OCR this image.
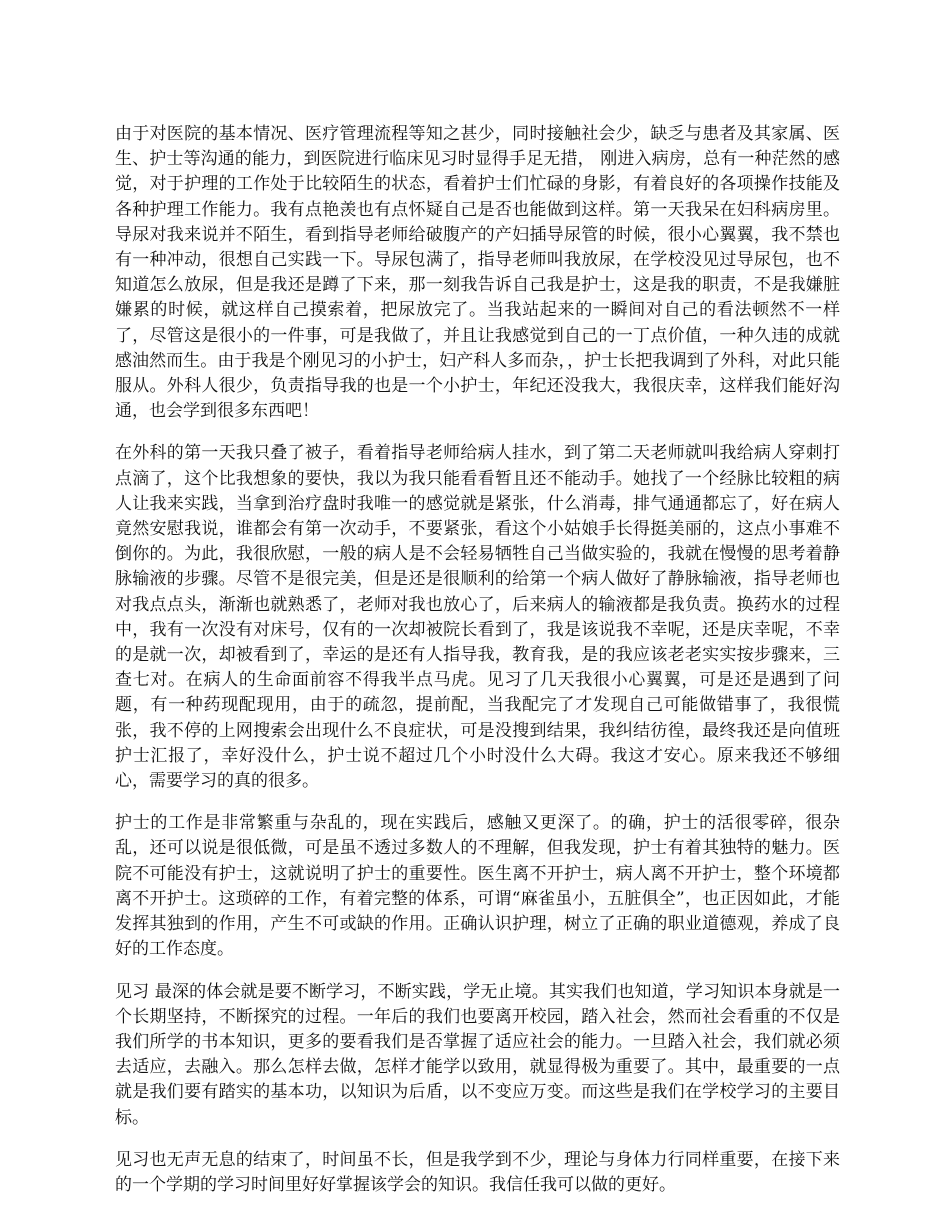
由于对医院的基本情况、医疗管理流程等知之甚少，同时接触社会少，缺乏与患者及其家属、医生、护士等沟通的能力，到医院进行临床见习时显得手足无措， 刚进入病房，总有一种茫然的感觉，对于护理的工作处于比较陌生的状态，看着护士们忙碌的身影，有着良好的各项操作技能及各种护理工作能力。我有点艳羡也有点怀疑自己是否也能做到这样。第一天我呆在妇科病房里。导尿对我来说并不陌生，看到指导老师给破腹产的产妇插导尿管的时候，很小心翼翼，我不禁也有一种冲动，很想自己实践一下。导尿包满了，指导老师叫我放尿，在学校没见过导尿包，也不知道怎么放尿，但是我还是蹲了下来，那一刻我告诉自己我是护士，这是我的职责，不是我嫌脏嫌累的时候，就这样自己摸索着，把尿放完了。当我站起来的一瞬间对自己的看法顿然不一样了，尽管这是很小的一件事，可是我做了，并且让我感觉到自己的一丁点价值，一种久违的成就感油然而生。由于我是个刚见习的小护士，妇产科人多而杂，，护士长把我调到了外科，对此只能服从。外科人很少，负责指导我的也是一个小护士，年纪还没我大，我很庆幸，这样我们能好沟通，也会学到很多东西吧！

在外科的第一天我只叠了被子，看着指导老师给病人挂水，到了第二天老师就叫我给病人穿刺打点滴了，这个比我想象的要快，我以为我只能看看暂且还不能动手。她找了一个经脉比较粗的病人让我来实践，当拿到治疗盘时我唯一的感觉就是紧张，什么消毒，排气通通都忘了，好在病人竟然安慰我说，谁都会有第一次动手，不要紧张，看这个小姑娘手长得挺美丽的，这点小事难不倒你的。为此，我很欣慰，一般的病人是不会轻易牺牲自己当做实验的，我就在慢慢的思考着静脉输液的步骤。尽管不是很完美，但是还是很顺利的给第一个病人做好了静脉输液，指导老师也对我点点头，渐渐也就熟悉了，老师对我也放心了，后来病人的输液都是我负责。换药水的过程中，我有一次没有对床号，仅有的一次却被院长看到了，我是该说我不幸呢，还是庆幸呢，不幸的是就一次，却被看到了，幸运的是还有人指导我，教育我，是的我应该老老实实按步骤来，三查七对。在病人的生命面前容不得我半点马虎。见习了几天我很小心翼翼，可是还是遇到了问题，有一种药现配现用，由于的疏忽，提前配，当我配完了才发现自己可能做错事了，我很慌张，我不停的上网搜索会出现什么不良症状，可是没搜到结果，我纠结彷徨，最终我还是向值班护士汇报了，幸好没什么，护士说不超过几个小时没什么大碍。我这才安心。原来我还不够细心，需要学习的真的很多。

护士的工作是非常繁重与杂乱的，现在实践后，感触又更深了。的确，护士的活很零碎，很杂乱，还可以说是很低微，可是虽不透过多数人的不理解，但我发现，护士有着其独特的魅力。医院不可能没有护士，这就说明了护士的重要性。医生离不开护士，病人离不开护士，整个环境都离不开护士。这琐碎的工作，有着完整的体系，可谓“麻雀虽小，五脏俱全”，也正因如此，才能发挥其独到的作用，产生不可或缺的作用。正确认识护理，树立了正确的职业道德观，养成了良好的工作态度。

见习 最深的体会就是要不断学习，不断实践，学无止境。其实我们也知道，学习知识本身就是一个长期坚持，不断探究的过程。一年后的我们也要离开校园，踏入社会，然而社会看重的不仅是我们所学的书本知识，更多的要看我们是否掌握了适应社会的能力。一旦踏入社会，我们就必须去适应，去融入。那么怎样去做，怎样才能学以致用，就显得极为重要了。其中，最重要的一点就是我们要有踏实的基本功，以知识为后盾，以不变应万变。而这些是我们在学校学习的主要目标。

见习也无声无息的结束了，时间虽不长，但是我学到不少，理论与身体力行同样重要，在接下来的一个学期的学习时间里好好掌握该学会的知识。我信任我可以做的更好。
